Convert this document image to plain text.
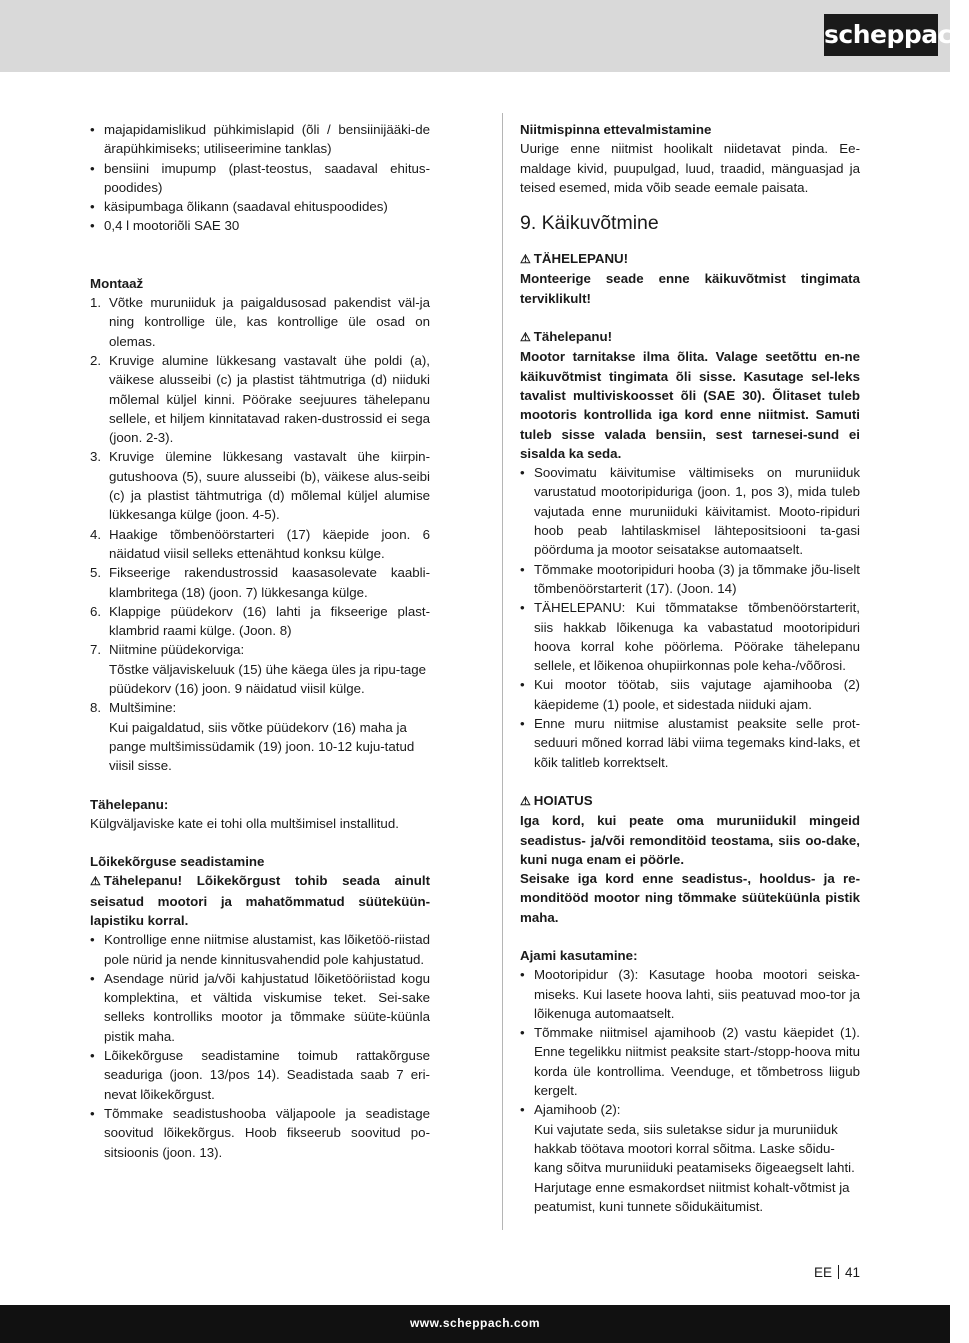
scheppach
• majapidamislikud pühkimislapid (õli / bensiinijääki-de ärapühkimiseks; utiliseerimine tanklas)
• bensiini imupump (plast-teostus, saadaval ehitus-poodides)
• käsipumbaga õlikann (saadaval ehituspoodides)
• 0,4 l mootoriõli SAE 30

Montaaž

1. Võtke muruniiduk ja paigaldusosad pakendist väl-ja ning kontrollige üle, kas kontrollige üle osad on olemas.
2. Kruvige alumine lükkesang vastavalt ühe poldi (a), väikese alusseibi (c) ja plastist tähtmutriga (d) niiduki mõlemal küljel kinni. Pöörake seejuures tähelepanu sellele, et hiljem kinnitatavad raken-dustrossid ei sega (joon. 2-3).
3. Kruvige ülemine lükkesang vastavalt ühe kiirpin-gutushoova (5), suure alusseibi (b), väikese alus-seibi (c) ja plastist tähtmutriga (d) mõlemal küljel alumise lükkesanga külge (joon. 4-5).
4. Haakige tõmbenöörstarteri (17) käepide joon. 6 näidatud viisil selleks ettenähtud konksu külge.
5. Fikseerige rakendustrossid kaasasolevate kaabli-klambritega (18) (joon. 7) lükkesanga külge.
6. Klappige püüdekorv (16) lahti ja fikseerige plast-klambrid raami külge. (Joon. 8)
7. Niitmine püüdekorviga:
Tõstke väljaviskeluuk (15) ühe käega üles ja ripu-tage püüdekorv (16) joon. 9 näidatud viisil külge.
8. Multšimine:
Kui paigaldatud, siis võtke püüdekorv (16) maha ja pange multšimissüdamik (19) joon. 10-12 kuju-tatud viisil sisse.

Tähelepanu:

Külgväljaviske kate ei tohi olla multšimisel installitud.

Lõikekõrguse seadistamine

⚠ Tähelepanu! Lõikekõrgust tohib seada ainult seisatud mootori ja mahatõmmatud süüteküün-lapistiku korral.

• Kontrollige enne niitmise alustamist, kas lõiketöö-riistad pole nürid ja nende kinnitusvahendid pole kahjustatud.
• Asendage nürid ja/või kahjustatud lõiketööriistad kogu komplektina, et vältida viskumise teket. Sei-sake selleks kontrolliks mootor ja tõmmake süüte-küünla pistik maha.
• Lõikekõrguse seadistamine toimub rattakõrguse seaduriga (joon. 13/pos 14). Seadistada saab 7 eri-nevat lõikekõrgust.
• Tõmmake seadistushooba väljapoole ja seadistage soovitud lõikekõrgus. Hoob fikseerub soovitud po-sitsioonis (joon. 13).

Niitmispinna ettevalmistamine

Uurige enne niitmist hoolikalt niidetavat pinda. Ee-maldage kivid, puupulgad, luud, traadid, mänguasjad ja teised esemed, mida võib seade eemale paisata.

9. Käikuvõtmine

⚠ TÄHELEPANU!

Monteerige seade enne käikuvõtmist tingimata terviklikult!

⚠ Tähelepanu!

Mootor tarnitakse ilma õlita. Valage seetõttu en-ne käikuvõtmist tingimata õli sisse. Kasutage sel-leks tavalist multiviskoosset õli (SAE 30). Õlitaset tuleb mootoris kontrollida iga kord enne niitmist. Samuti tuleb sisse valada bensiin, sest tarnesei-sund ei sisalda ka seda.

• Soovimatu käivitumise vältimiseks on muruniiduk varustatud mootoripiduriga (joon. 1, pos 3), mida tuleb vajutada enne muruniiduki käivitamist. Mooto-ripiduri hoob peab lahtilaskmisel lähtepositsiooni ta-gasi pöörduma ja mootor seisatakse automaatselt.
• Tõmmake mootoripiduri hooba (3) ja tõmmake jõu-liselt tõmbenöörstarterit (17). (Joon. 14)
• TÄHELEPANU: Kui tõmmatakse tõmbenöörstarterit, siis hakkab lõikenuga ka vabastatud mootoripiduri hoova korral kohe pöörlema. Pöörake tähelepanu sellele, et lõikenoa ohupiirkonnas pole keha-/võõrosi.
• Kui mootor töötab, siis vajutage ajamihooba (2) käepideme (1) poole, et sidestada niiduki ajam.
• Enne muru niitmise alustamist peaksite selle prot-seduuri mõned korrad läbi viima tegemaks kind-laks, et kõik talitleb korrektselt.

⚠ HOIATUS

Iga kord, kui peate oma muruniidukil mingeid seadistus- ja/või remonditöid teostama, siis oo-dake, kuni nuga enam ei pöörle.

Seisake iga kord enne seadistus-, hooldus- ja re-monditööd mootor ning tõmmake süüteküünla pistik maha.

Ajami kasutamine:

• Mootoripidur (3): Kasutage hooba mootori seiska-miseks. Kui lasete hoova lahti, siis peatuvad moo-tor ja lõikenuga automaatselt.
• Tõmmake niitmisel ajamihoob (2) vastu käepidet (1). Enne tegelikku niitmist peaksite start-/stopp-hoova mitu korda üle kontrollima. Veenduge, et tõmbetross liigub kergelt.
• Ajamihoob (2):
Kui vajutate seda, siis suletakse sidur ja muruniiduk hakkab töötava mootori korral sõitma. Laske sõidu-kang sõitva muruniiduki peatamiseks õigeaegselt lahti. Harjutage enne esmakordset niitmist kohalt-võtmist ja peatumist, kuni tunnete sõidukäitumist.
EE 41
www.scheppach.com
